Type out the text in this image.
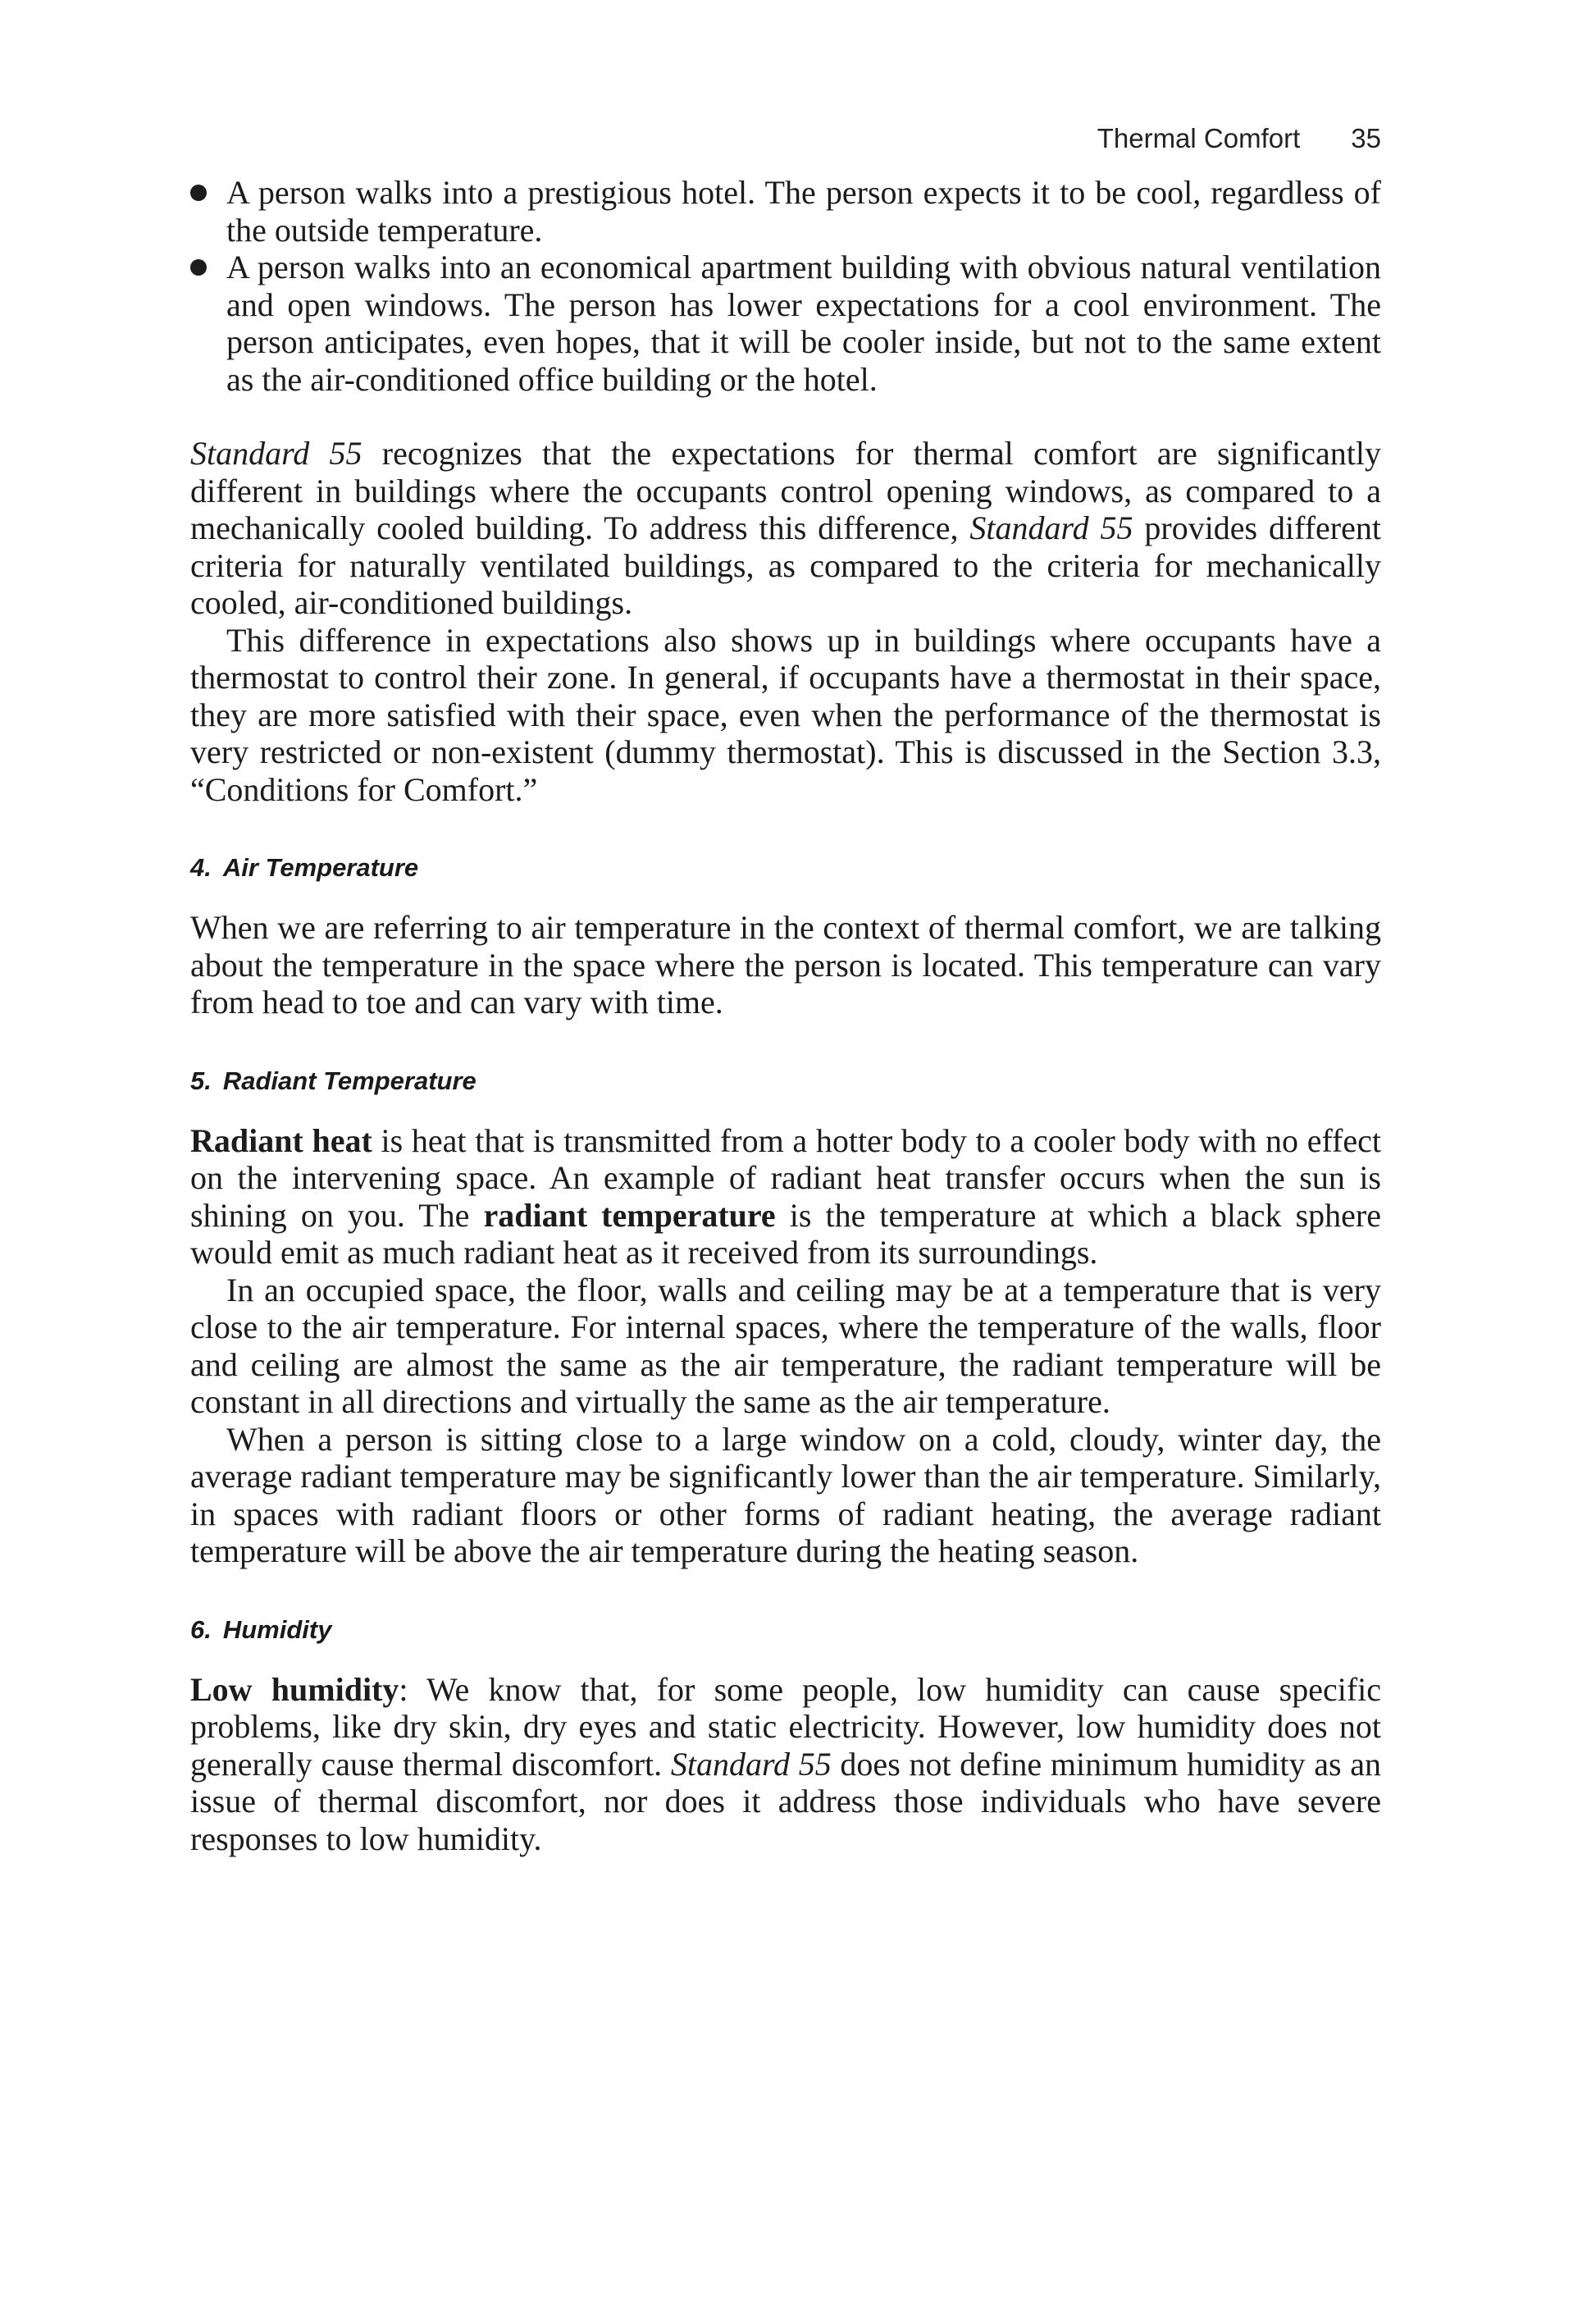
Thermal Comfort 35
A person walks into a prestigious hotel. The person expects it to be cool, regardless of the outside temperature.
A person walks into an economical apartment building with obvious natural ventilation and open windows. The person has lower expectations for a cool environment. The person anticipates, even hopes, that it will be cooler inside, but not to the same extent as the air-conditioned office building or the hotel.

Standard 55 recognizes that the expectations for thermal comfort are significantly different in buildings where the occupants control opening windows, as compared to a mechanically cooled building. To address this difference, Standard 55 provides different criteria for naturally ventilated buildings, as compared to the criteria for mechanically cooled, air-conditioned buildings.

This difference in expectations also shows up in buildings where occupants have a thermostat to control their zone. In general, if occupants have a thermostat in their space, they are more satisfied with their space, even when the performance of the thermostat is very restricted or non-existent (dummy thermostat). This is discussed in the Section 3.3, “Conditions for Comfort.”

4. Air Temperature

When we are referring to air temperature in the context of thermal comfort, we are talking about the temperature in the space where the person is located. This temperature can vary from head to toe and can vary with time.

5. Radiant Temperature

Radiant heat is heat that is transmitted from a hotter body to a cooler body with no effect on the intervening space. An example of radiant heat transfer occurs when the sun is shining on you. The radiant temperature is the temperature at which a black sphere would emit as much radiant heat as it received from its surroundings.

In an occupied space, the floor, walls and ceiling may be at a temperature that is very close to the air temperature. For internal spaces, where the temperature of the walls, floor and ceiling are almost the same as the air temperature, the radiant temperature will be constant in all directions and virtually the same as the air temperature.

When a person is sitting close to a large window on a cold, cloudy, winter day, the average radiant temperature may be significantly lower than the air temperature. Similarly, in spaces with radiant floors or other forms of radiant heating, the average radiant temperature will be above the air temperature during the heating season.

6. Humidity

Low humidity: We know that, for some people, low humidity can cause specific problems, like dry skin, dry eyes and static electricity. However, low humidity does not generally cause thermal discomfort. Standard 55 does not define minimum humidity as an issue of thermal discomfort, nor does it address those individuals who have severe responses to low humidity.
